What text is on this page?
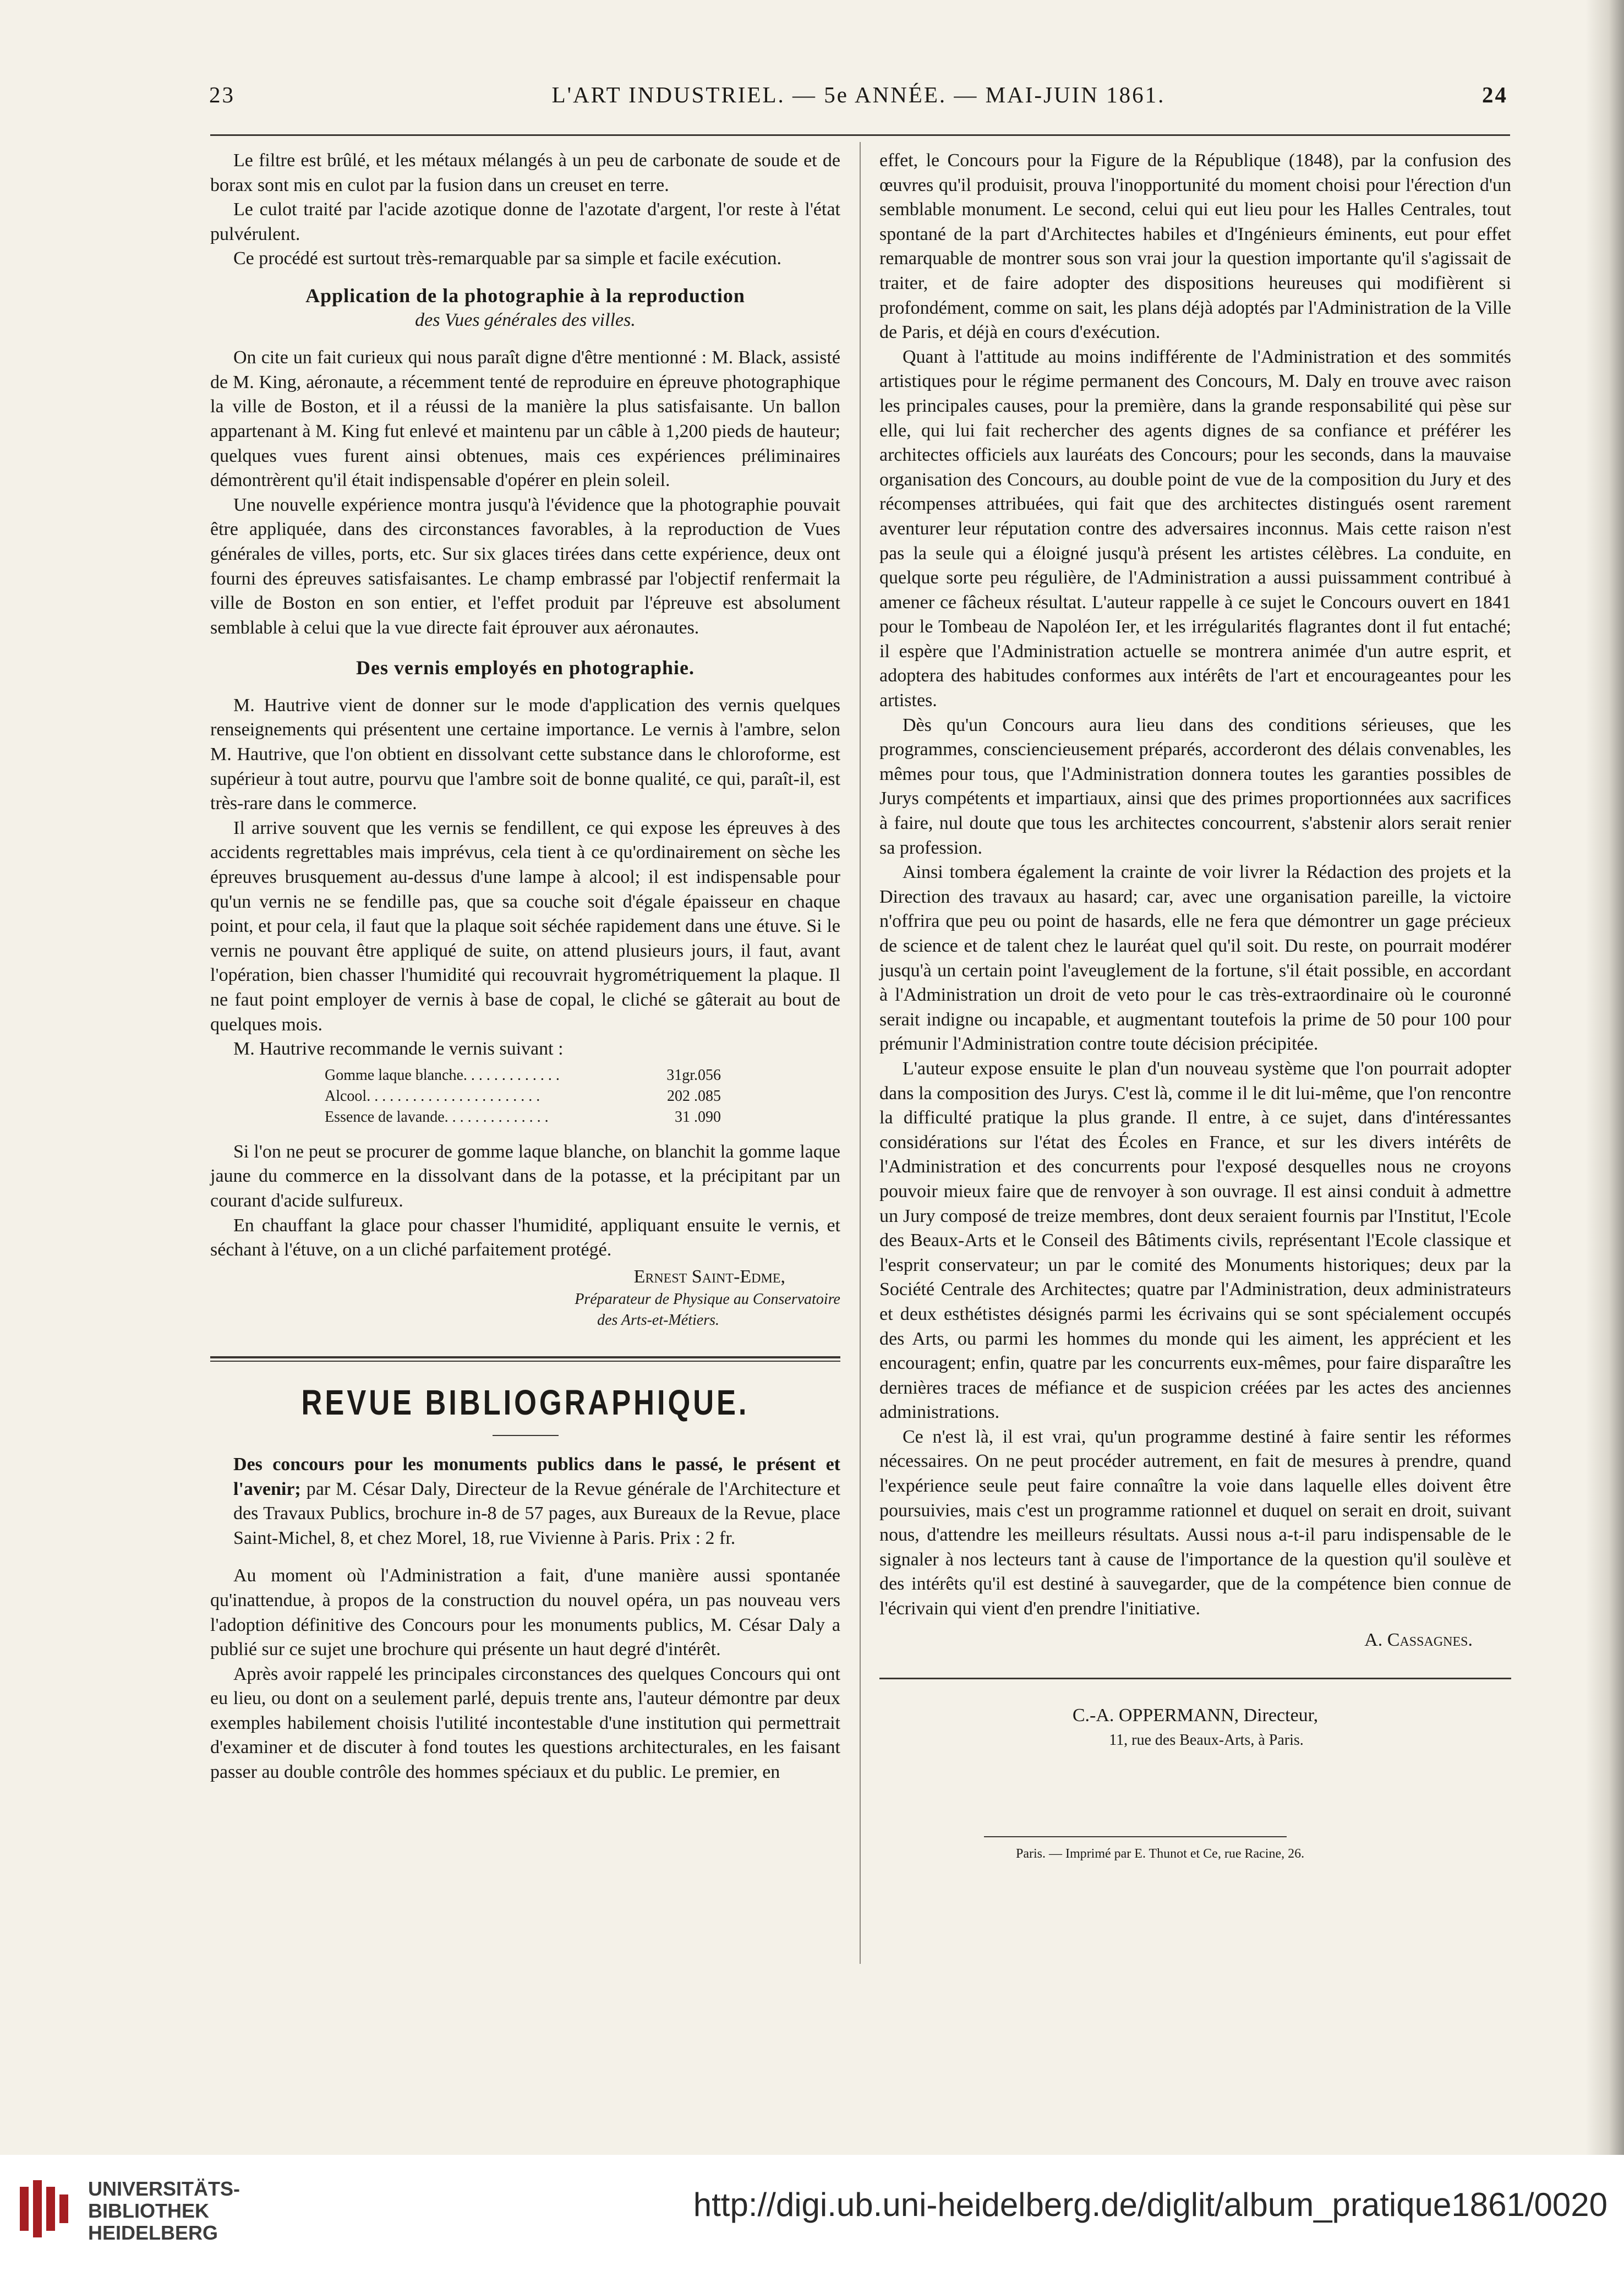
23	L'ART INDUSTRIEL. — 5e ANNÉE. — MAI-JUIN 1861.	24

Le filtre est brûlé, et les métaux mélangés à un peu de carbonate de soude et de borax sont mis en culot par la fusion dans un creuset en terre.

Le culot traité par l'acide azotique donne de l'azotate d'argent, l'or reste à l'état pulvérulent.

Ce procédé est surtout très-remarquable par sa simple et facile exécution.

Application de la photographie à la reproduction
des Vues générales des villes.

On cite un fait curieux qui nous paraît digne d'être mentionné : M. Black, assisté de M. King, aéronaute, a récemment tenté de reproduire en épreuve photographique la ville de Boston, et il a réussi de la manière la plus satisfaisante. Un ballon appartenant à M. King fut enlevé et maintenu par un câble à 1,200 pieds de hauteur; quelques vues furent ainsi obtenues, mais ces expériences préliminaires démontrèrent qu'il était indispensable d'opérer en plein soleil.

Une nouvelle expérience montra jusqu'à l'évidence que la photographie pouvait être appliquée, dans des circonstances favorables, à la reproduction de Vues générales de villes, ports, etc. Sur six glaces tirées dans cette expérience, deux ont fourni des épreuves satisfaisantes. Le champ embrassé par l'objectif renfermait la ville de Boston en son entier, et l'effet produit par l'épreuve est absolument semblable à celui que la vue directe fait éprouver aux aéronautes.

Des vernis employés en photographie.

M. Hautrive vient de donner sur le mode d'application des vernis quelques renseignements qui présentent une certaine importance. Le vernis à l'ambre, selon M. Hautrive, que l'on obtient en dissolvant cette substance dans le chloroforme, est supérieur à tout autre, pourvu que l'ambre soit de bonne qualité, ce qui, paraît-il, est très-rare dans le commerce.

Il arrive souvent que les vernis se fendillent, ce qui expose les épreuves à des accidents regrettables mais imprévus, cela tient à ce qu'ordinairement on sèche les épreuves brusquement au-dessus d'une lampe à alcool; il est indispensable pour qu'un vernis ne se fendille pas, que sa couche soit d'égale épaisseur en chaque point, et pour cela, il faut que la plaque soit séchée rapidement dans une étuve. Si le vernis ne pouvant être appliqué de suite, on attend plusieurs jours, il faut, avant l'opération, bien chasser l'humidité qui recouvrait hygrométriquement la plaque. Il ne faut point employer de vernis à base de copal, le cliché se gâterait au bout de quelques mois.

M. Hautrive recommande le vernis suivant :

Gomme laque blanche. . . . . . . . . . . . .	31gr.056
Alcool. . . . . . . . . . . . . . . . . . . . . . .	202 .085
Essence de lavande. . . . . . . . . . . . . .	31 .090

Si l'on ne peut se procurer de gomme laque blanche, on blanchit la gomme laque jaune du commerce en la dissolvant dans de la potasse, et la précipitant par un courant d'acide sulfureux.

En chauffant la glace pour chasser l'humidité, appliquant ensuite le vernis, et séchant à l'étuve, on a un cliché parfaitement protégé.

Ernest Saint-Edme,
Préparateur de Physique au Conservatoire
des Arts-et-Métiers.
REVUE BIBLIOGRAPHIQUE.

Des concours pour les monuments publics dans le passé, le présent et l'avenir; par M. César Daly, Directeur de la Revue générale de l'Architecture et des Travaux Publics, brochure in-8 de 57 pages, aux Bureaux de la Revue, place Saint-Michel, 8, et chez Morel, 18, rue Vivienne à Paris. Prix : 2 fr.

Au moment où l'Administration a fait, d'une manière aussi spontanée qu'inattendue, à propos de la construction du nouvel opéra, un pas nouveau vers l'adoption définitive des Concours pour les monuments publics, M. César Daly a publié sur ce sujet une brochure qui présente un haut degré d'intérêt.

Après avoir rappelé les principales circonstances des quelques Concours qui ont eu lieu, ou dont on a seulement parlé, depuis trente ans, l'auteur démontre par deux exemples habilement choisis l'utilité incontestable d'une institution qui permettrait d'examiner et de discuter à fond toutes les questions architecturales, en les faisant passer au double contrôle des hommes spéciaux et du public. Le premier, en

effet, le Concours pour la Figure de la République (1848), par la confusion des œuvres qu'il produisit, prouva l'inopportunité du moment choisi pour l'érection d'un semblable monument. Le second, celui qui eut lieu pour les Halles Centrales, tout spontané de la part d'Architectes habiles et d'Ingénieurs éminents, eut pour effet remarquable de montrer sous son vrai jour la question importante qu'il s'agissait de traiter, et de faire adopter des dispositions heureuses qui modifièrent si profondément, comme on sait, les plans déjà adoptés par l'Administration de la Ville de Paris, et déjà en cours d'exécution.

Quant à l'attitude au moins indifférente de l'Administration et des sommités artistiques pour le régime permanent des Concours, M. Daly en trouve avec raison les principales causes, pour la première, dans la grande responsabilité qui pèse sur elle, qui lui fait rechercher des agents dignes de sa confiance et préférer les architectes officiels aux lauréats des Concours; pour les seconds, dans la mauvaise organisation des Concours, au double point de vue de la composition du Jury et des récompenses attribuées, qui fait que des architectes distingués osent rarement aventurer leur réputation contre des adversaires inconnus. Mais cette raison n'est pas la seule qui a éloigné jusqu'à présent les artistes célèbres. La conduite, en quelque sorte peu régulière, de l'Administration a aussi puissamment contribué à amener ce fâcheux résultat. L'auteur rappelle à ce sujet le Concours ouvert en 1841 pour le Tombeau de Napoléon Ier, et les irrégularités flagrantes dont il fut entaché; il espère que l'Administration actuelle se montrera animée d'un autre esprit, et adoptera des habitudes conformes aux intérêts de l'art et encourageantes pour les artistes.

Dès qu'un Concours aura lieu dans des conditions sérieuses, que les programmes, consciencieusement préparés, accorderont des délais convenables, les mêmes pour tous, que l'Administration donnera toutes les garanties possibles de Jurys compétents et impartiaux, ainsi que des primes proportionnées aux sacrifices à faire, nul doute que tous les architectes concourrent, s'abstenir alors serait renier sa profession.

Ainsi tombera également la crainte de voir livrer la Rédaction des projets et la Direction des travaux au hasard; car, avec une organisation pareille, la victoire n'offrira que peu ou point de hasards, elle ne fera que démontrer un gage précieux de science et de talent chez le lauréat quel qu'il soit. Du reste, on pourrait modérer jusqu'à un certain point l'aveuglement de la fortune, s'il était possible, en accordant à l'Administration un droit de veto pour le cas très-extraordinaire où le couronné serait indigne ou incapable, et augmentant toutefois la prime de 50 pour 100 pour prémunir l'Administration contre toute décision précipitée.

L'auteur expose ensuite le plan d'un nouveau système que l'on pourrait adopter dans la composition des Jurys. C'est là, comme il le dit lui-même, que l'on rencontre la difficulté pratique la plus grande. Il entre, à ce sujet, dans d'intéressantes considérations sur l'état des Écoles en France, et sur les divers intérêts de l'Administration et des concurrents pour l'exposé desquelles nous ne croyons pouvoir mieux faire que de renvoyer à son ouvrage. Il est ainsi conduit à admettre un Jury composé de treize membres, dont deux seraient fournis par l'Institut, l'Ecole des Beaux-Arts et le Conseil des Bâtiments civils, représentant l'Ecole classique et l'esprit conservateur; un par le comité des Monuments historiques; deux par la Société Centrale des Architectes; quatre par l'Administration, deux administrateurs et deux esthétistes désignés parmi les écrivains qui se sont spécialement occupés des Arts, ou parmi les hommes du monde qui les aiment, les apprécient et les encouragent; enfin, quatre par les concurrents eux-mêmes, pour faire disparaître les dernières traces de méfiance et de suspicion créées par les actes des anciennes administrations.

Ce n'est là, il est vrai, qu'un programme destiné à faire sentir les réformes nécessaires. On ne peut procéder autrement, en fait de mesures à prendre, quand l'expérience seule peut faire connaître la voie dans laquelle elles doivent être poursuivies, mais c'est un programme rationnel et duquel on serait en droit, suivant nous, d'attendre les meilleurs résultats. Aussi nous a-t-il paru indispensable de le signaler à nos lecteurs tant à cause de l'importance de la question qu'il soulève et des intérêts qu'il est destiné à sauvegarder, que de la compétence bien connue de l'écrivain qui vient d'en prendre l'initiative.

A. Cassagnes.
C.-A. OPPERMANN, Directeur,
11, rue des Beaux-Arts, à Paris.
Paris. — Imprimé par E. Thunot et Ce, rue Racine, 26.
UNIVERSITÄTS-
BIBLIOTHEK
HEIDELBERG
http://digi.ub.uni-heidelberg.de/diglit/album_pratique1861/0020
